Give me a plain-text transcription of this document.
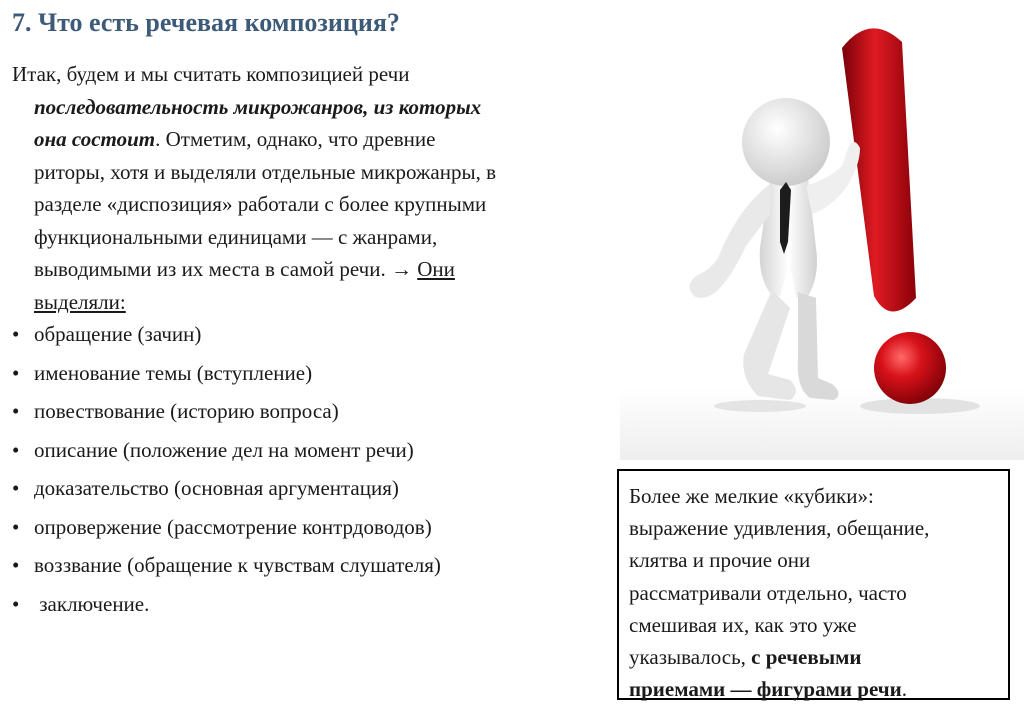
7. Что есть речевая композиция?
Итак, будем и мы считать композицией речи
последовательность микрожанров, из которых
она состоит. Отметим, однако, что древние
риторы, хотя и выделяли отдельные микрожанры, в
разделе «диспозиция» работали с более крупными
функциональными единицами — с жанрами,
выводимыми из их места в самой речи. → Они
выделяли:
• обращение (зачин)
• именование темы (вступление)
• повествование (историю вопроса)
• описание (положение дел на момент речи)
• доказательство (основная аргументация)
• опровержение (рассмотрение контрдоводов)
• воззвание (обращение к чувствам слушателя)
• заключение.
Более же мелкие «кубики»:
выражение удивления, обещание,
клятва и прочие они
рассматривали отдельно, часто
смешивая их, как это уже
указывалось, с речевыми
приемами — фигурами речи.
